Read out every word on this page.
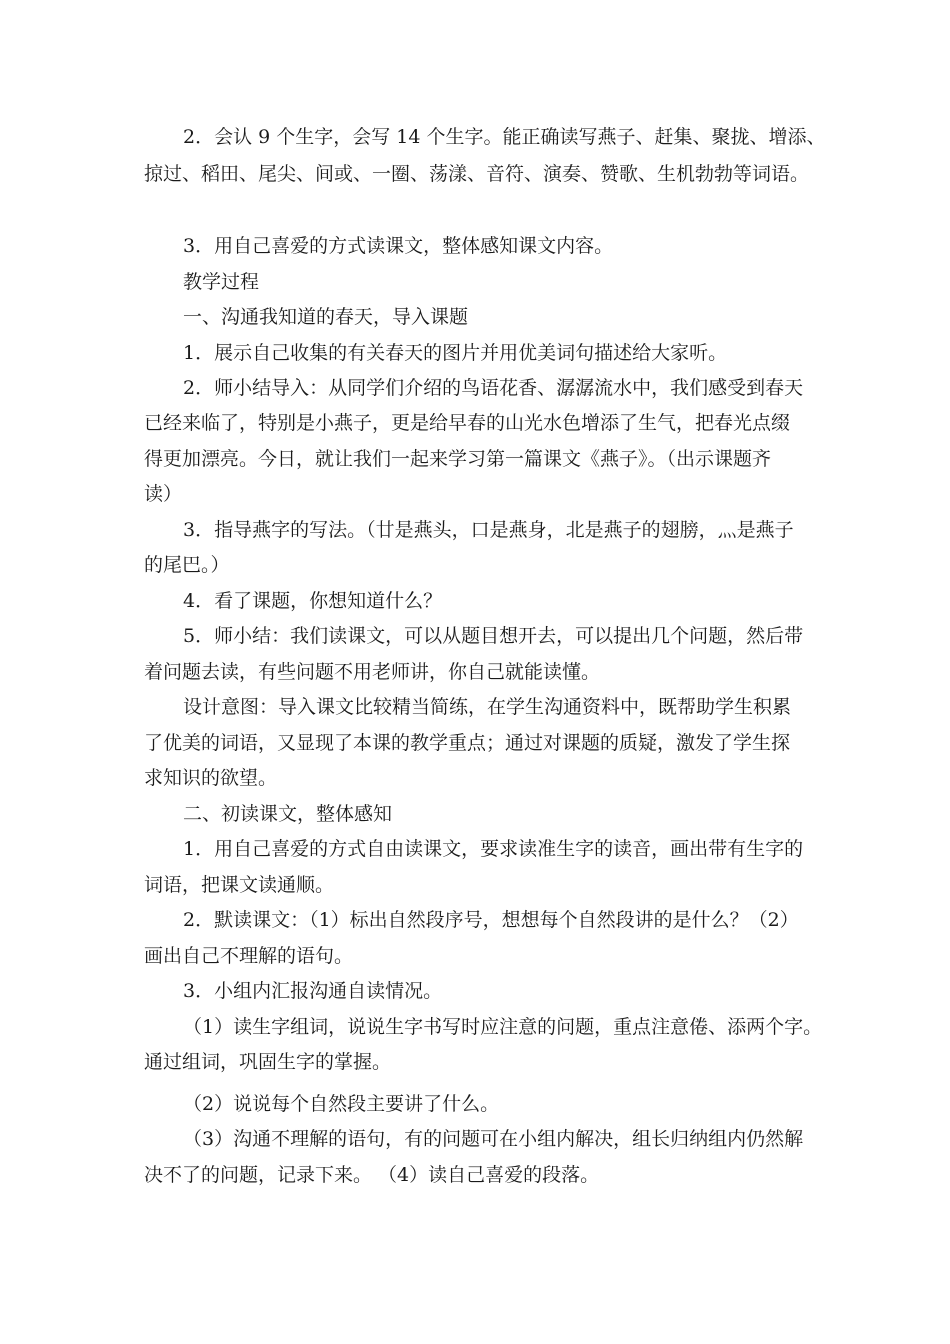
2．会认 9 个生字，会写 14 个生字。能正确读写燕子、赶集、聚拢、增添、
掠过、稻田、尾尖、间或、一圈、荡漾、音符、演奏、赞歌、生机勃勃等词语。
3．用自己喜爱的方式读课文，整体感知课文内容。
教学过程
一、沟通我知道的春天，导入课题
1．展示自己收集的有关春天的图片并用优美词句描述给大家听。
2．师小结导入：从同学们介绍的鸟语花香、潺潺流水中，我们感受到春天
已经来临了，特别是小燕子，更是给早春的山光水色增添了生气，把春光点缀
得更加漂亮。今日，就让我们一起来学习第一篇课文《燕子》。（出示课题齐
读）
3．指导燕字的写法。（廿是燕头，口是燕身，北是燕子的翅膀，灬是燕子
的尾巴。）
4．看了课题，你想知道什么？
5．师小结：我们读课文，可以从题目想开去，可以提出几个问题，然后带
着问题去读，有些问题不用老师讲，你自己就能读懂。
设计意图：导入课文比较精当简练，在学生沟通资料中，既帮助学生积累
了优美的词语，又显现了本课的教学重点；通过对课题的质疑，激发了学生探
求知识的欲望。
二、初读课文，整体感知
1．用自己喜爱的方式自由读课文，要求读准生字的读音，画出带有生字的
词语，把课文读通顺。
2．默读课文：（1）标出自然段序号，想想每个自然段讲的是什么？（2）
画出自己不理解的语句。
3．小组内汇报沟通自读情况。
（1）读生字组词，说说生字书写时应注意的问题，重点注意倦、添两个字。
通过组词，巩固生字的掌握。
（2）说说每个自然段主要讲了什么。
（3）沟通不理解的语句，有的问题可在小组内解决，组长归纳组内仍然解
决不了的问题，记录下来。 （4）读自己喜爱的段落。
